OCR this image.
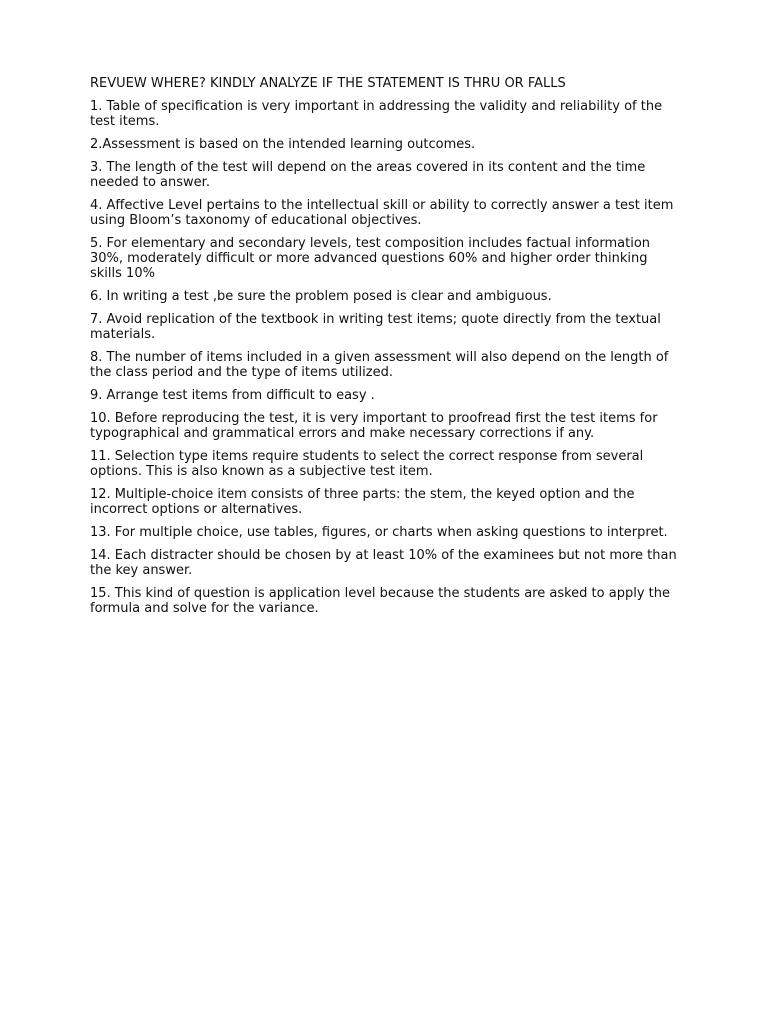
REVUEW WHERE? KINDLY ANALYZE IF THE STATEMENT IS THRU OR FALLS

1. Table of specification is very important in addressing the validity and reliability of the test items.

2.Assessment is based on the intended learning outcomes.

3. The length of the test will depend on the areas covered in its content and the time needed to answer.

4. Affective Level pertains to the intellectual skill or ability to correctly answer a test item using Bloom’s taxonomy of educational objectives.

5. For elementary and secondary levels, test composition includes factual information 30%, moderately difficult or more advanced questions 60% and higher order thinking skills 10%

6. In writing a test ,be sure the problem posed is clear and ambiguous.

7. Avoid replication of the textbook in writing test items; quote directly from the textual materials.

8. The number of items included in a given assessment will also depend on the length of the class period and the type of items utilized.

9. Arrange test items from difficult to easy .

10. Before reproducing the test, it is very important to proofread first the test items for typographical and grammatical errors and make necessary corrections if any.

11. Selection type items require students to select the correct response from several options. This is also known as a subjective test item.

12. Multiple-choice item consists of three parts: the stem, the keyed option and the incorrect options or alternatives.

13. For multiple choice, use tables, figures, or charts when asking questions to interpret.

14. Each distracter should be chosen by at least 10% of the examinees but not more than the key answer.

15. This kind of question is application level because the students are asked to apply the formula and solve for the variance.
